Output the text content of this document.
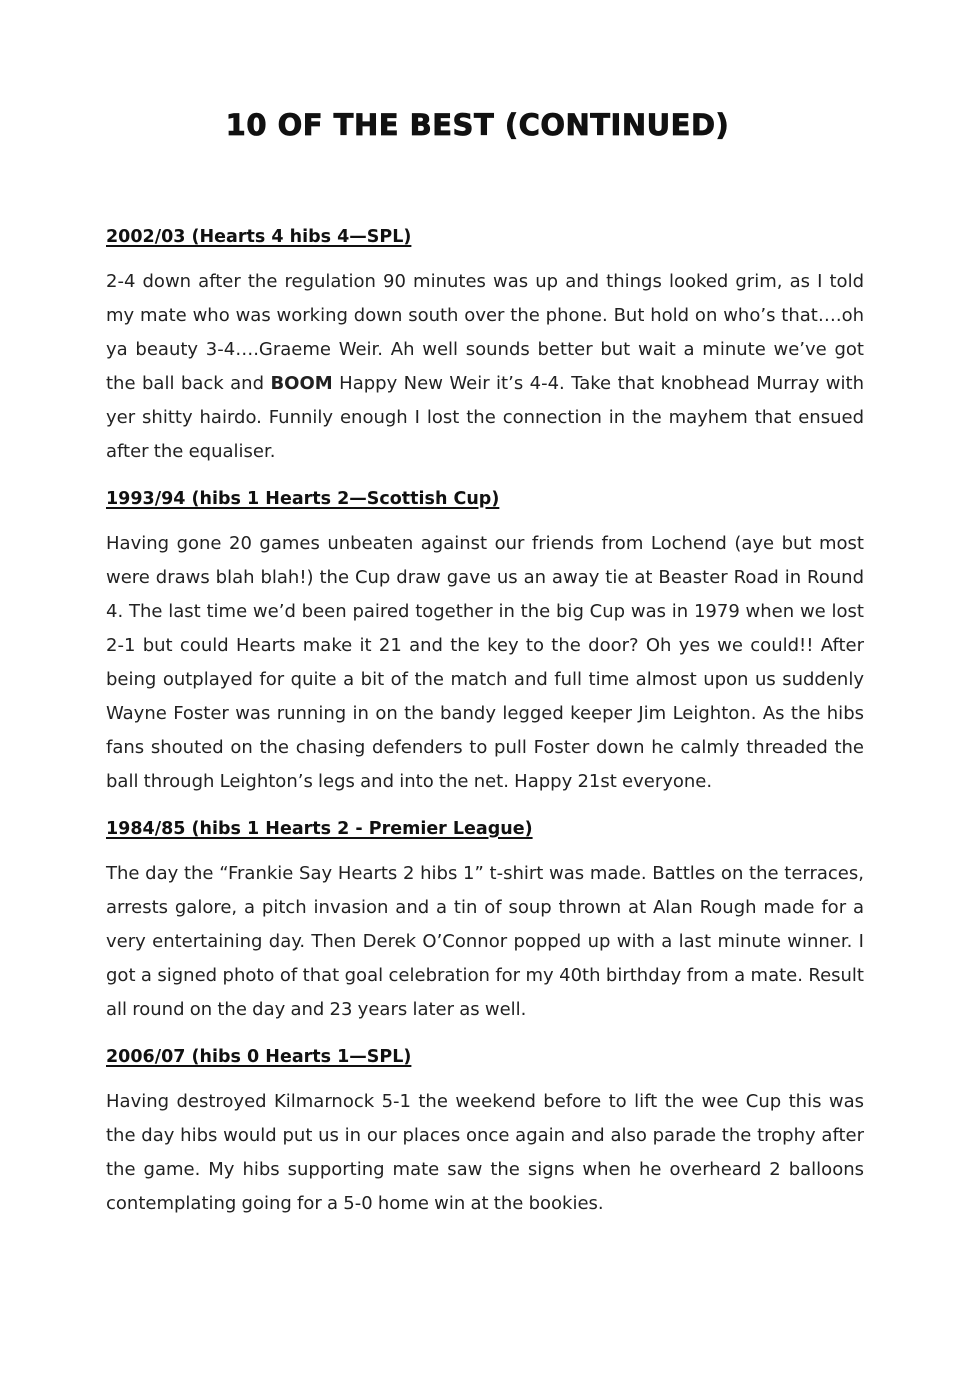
10 OF THE BEST (CONTINUED)

2002/03 (Hearts 4 hibs 4—SPL)

2-4 down after the regulation 90 minutes was up and things looked grim, as I told my mate who was working down south over the phone. But hold on who’s that….oh ya beauty 3-4….Graeme Weir. Ah well sounds better but wait a minute we’ve got the ball back and BOOM Happy New Weir it’s 4-4. Take that knobhead Murray with yer shitty hairdo. Funnily enough I lost the connection in the mayhem that ensued after the equaliser.

1993/94 (hibs 1 Hearts 2—Scottish Cup)

Having gone 20 games unbeaten against our friends from Lochend (aye but most were draws blah blah!) the Cup draw gave us an away tie at Beaster Road in Round 4. The last time we’d been paired together in the big Cup was in 1979 when we lost 2-1 but could Hearts make it 21 and the key to the door? Oh yes we could!! After being outplayed for quite a bit of the match and full time almost upon us suddenly Wayne Foster was running in on the bandy legged keeper Jim Leighton. As the hibs fans shouted on the chasing defenders to pull Foster down he calmly threaded the ball through Leighton’s legs and into the net. Happy 21st everyone.

1984/85 (hibs 1 Hearts 2 - Premier League)

The day the “Frankie Say Hearts 2 hibs 1” t-shirt was made. Battles on the terraces, arrests galore, a pitch invasion and a tin of soup thrown at Alan Rough made for a very entertaining day. Then Derek O’Connor popped up with a last minute winner. I got a signed photo of that goal celebration for my 40th birthday from a mate. Result all round on the day and 23 years later as well.

2006/07 (hibs 0 Hearts 1—SPL)

Having destroyed Kilmarnock 5-1 the weekend before to lift the wee Cup this was the day hibs would put us in our places once again and also parade the trophy after the game. My hibs supporting mate saw the signs when he overheard 2 balloons contemplating going for a 5-0 home win at the bookies.
